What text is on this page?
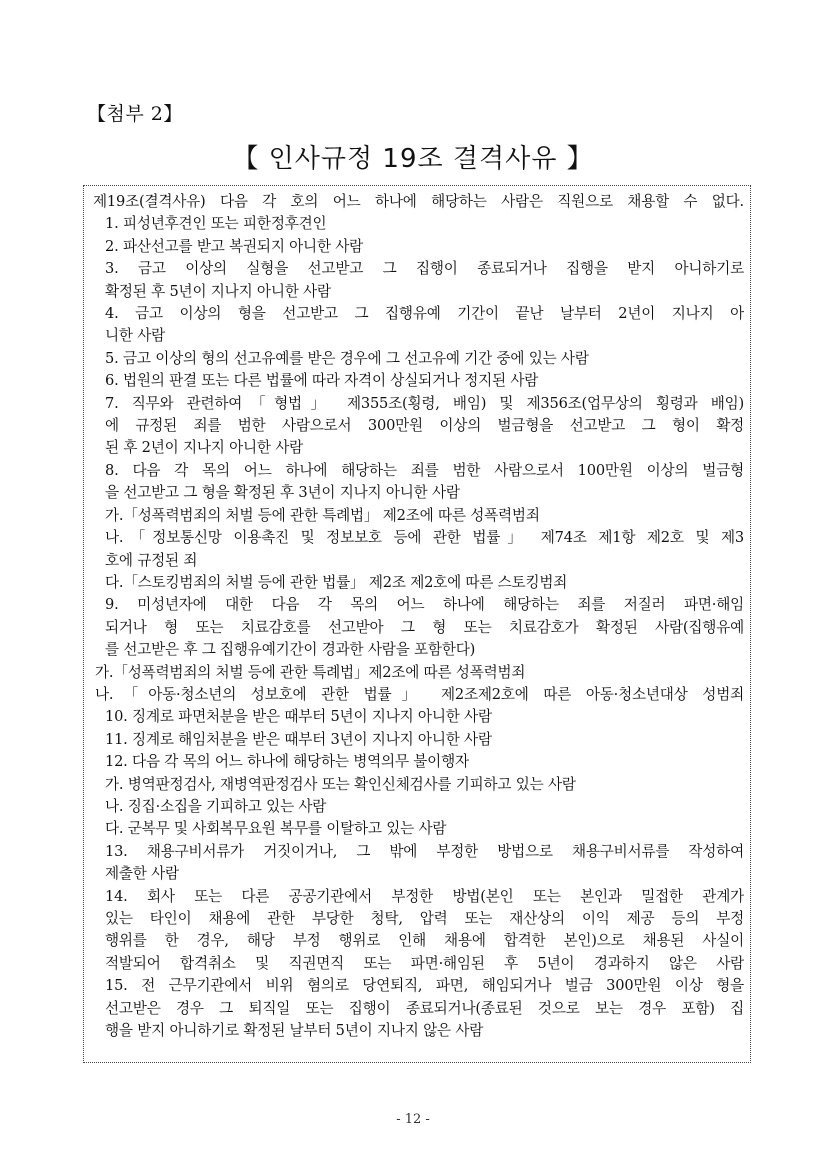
【첨부 2】
【 인사규정 19조 결격사유 】
제19조(결격사유) 다음 각 호의 어느 하나에 해당하는 사람은 직원으로 채용할 수 없다.
1. 피성년후견인 또는 피한정후견인
2. 파산선고를 받고 복권되지 아니한 사람
3. 금고 이상의 실형을 선고받고 그 집행이 종료되거나 집행을 받지 아니하기로
확정된 후 5년이 지나지 아니한 사람
4. 금고 이상의 형을 선고받고 그 집행유예 기간이 끝난 날부터 2년이 지나지 아
니한 사람
5. 금고 이상의 형의 선고유예를 받은 경우에 그 선고유예 기간 중에 있는 사람
6. 법원의 판결 또는 다른 법률에 따라 자격이 상실되거나 정지된 사람
7. 직무와 관련하여「형법」 제355조(횡령, 배임) 및 제356조(업무상의 횡령과 배임)
에 규정된 죄를 범한 사람으로서 300만원 이상의 벌금형을 선고받고 그 형이 확정
된 후 2년이 지나지 아니한 사람
8. 다음 각 목의 어느 하나에 해당하는 죄를 범한 사람으로서 100만원 이상의 벌금형
을 선고받고 그 형을 확정된 후 3년이 지나지 아니한 사람
가.「성폭력범죄의 처벌 등에 관한 특례법」 제2조에 따른 성폭력범죄
나.「정보통신망 이용촉진 및 정보보호 등에 관한 법률」 제74조 제1항 제2호 및 제3
호에 규정된 죄
다.「스토킹범죄의 처벌 등에 관한 법률」 제2조 제2호에 따른 스토킹범죄
9. 미성년자에 대한 다음 각 목의 어느 하나에 해당하는 죄를 저질러 파면·해임
되거나 형 또는 치료감호를 선고받아 그 형 또는 치료감호가 확정된 사람(집행유예
를 선고받은 후 그 집행유예기간이 경과한 사람을 포함한다)
가.「성폭력범죄의 처벌 등에 관한 특례법」제2조에 따른 성폭력범죄
나.「아동·청소년의 성보호에 관한 법률」 제2조제2호에 따른 아동·청소년대상 성범죄
10. 징계로 파면처분을 받은 때부터 5년이 지나지 아니한 사람
11. 징계로 해임처분을 받은 때부터 3년이 지나지 아니한 사람
12. 다음 각 목의 어느 하나에 해당하는 병역의무 불이행자
가. 병역판정검사, 재병역판정검사 또는 확인신체검사를 기피하고 있는 사람
나. 징집·소집을 기피하고 있는 사람
다. 군복무 및 사회복무요원 복무를 이탈하고 있는 사람
13. 채용구비서류가 거짓이거나, 그 밖에 부정한 방법으로 채용구비서류를 작성하여
제출한 사람
14. 회사 또는 다른 공공기관에서 부정한 방법(본인 또는 본인과 밀접한 관계가
있는 타인이 채용에 관한 부당한 청탁, 압력 또는 재산상의 이익 제공 등의 부정
행위를 한 경우, 해당 부정 행위로 인해 채용에 합격한 본인)으로 채용된 사실이
적발되어 합격취소 및 직권면직 또는 파면·해임된 후 5년이 경과하지 않은 사람
15. 전 근무기관에서 비위 혐의로 당연퇴직, 파면, 해임되거나 벌금 300만원 이상 형을
선고받은 경우 그 퇴직일 또는 집행이 종료되거나(종료된 것으로 보는 경우 포함) 집
행을 받지 아니하기로 확정된 날부터 5년이 지나지 않은 사람
- 12 -
